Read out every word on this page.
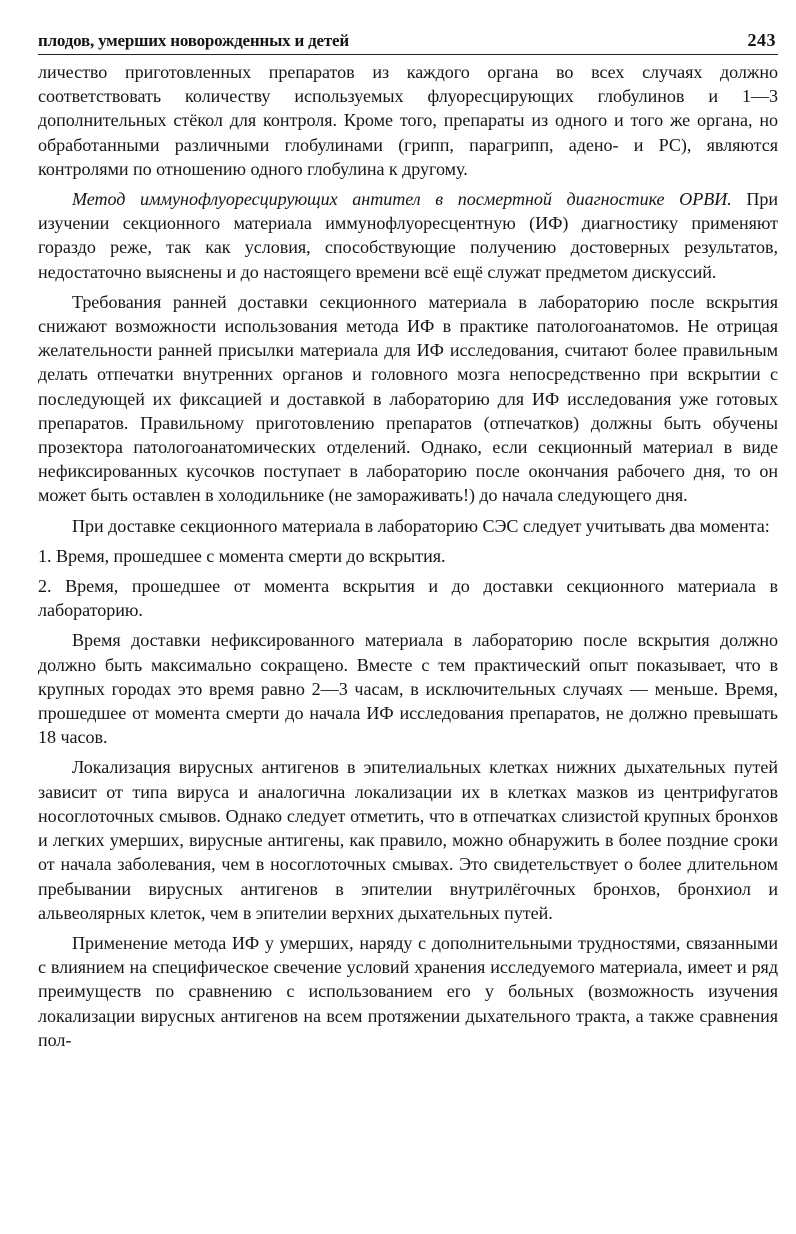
плодов, умерших новорожденных и детей	243

личество приготовленных препаратов из каждого органа во всех случаях должно соответствовать количеству используемых флуоресцирующих глобулинов и 1—3 дополнительных стёкол для контроля. Кроме того, препараты из одного и того же органа, но обработанными различными глобулинами (грипп, парагрипп, адено- и РС), являются контролями по отношению одного глобулина к другому.

Метод иммунофлуоресцирующих антител в посмертной диагностике ОРВИ. При изучении секционного материала иммунофлуоресцентную (ИФ) диагностику применяют гораздо реже, так как условия, способствующие получению достоверных результатов, недостаточно выяснены и до настоящего времени всё ещё служат предметом дискуссий.

Требования ранней доставки секционного материала в лабораторию после вскрытия снижают возможности использования метода ИФ в практике патологоанатомов. Не отрицая желательности ранней присылки материала для ИФ исследования, считают более правильным делать отпечатки внутренних органов и головного мозга непосредственно при вскрытии с последующей их фиксацией и доставкой в лабораторию для ИФ исследования уже готовых препаратов. Правильному приготовлению препаратов (отпечатков) должны быть обучены прозектора патологоанатомических отделений. Однако, если секционный материал в виде нефиксированных кусочков поступает в лабораторию после окончания рабочего дня, то он может быть оставлен в холодильнике (не замораживать!) до начала следующего дня.

При доставке секционного материала в лабораторию СЭС следует учитывать два момента:

1. Время, прошедшее с момента смерти до вскрытия.

2. Время, прошедшее от момента вскрытия и до доставки секционного материала в лабораторию.

Время доставки нефиксированного материала в лабораторию после вскрытия должно должно быть максимально сокращено. Вместе с тем практический опыт показывает, что в крупных городах это время равно 2—3 часам, в исключительных случаях — меньше. Время, прошедшее от момента смерти до начала ИФ исследования препаратов, не должно превышать 18 часов.

Локализация вирусных антигенов в эпителиальных клетках нижних дыхательных путей зависит от типа вируса и аналогична локализации их в клетках мазков из центрифугатов носоглоточных смывов. Однако следует отметить, что в отпечатках слизистой крупных бронхов и легких умерших, вирусные антигены, как правило, можно обнаружить в более поздние сроки от начала заболевания, чем в носоглоточных смывах. Это свидетельствует о более длительном пребывании вирусных антигенов в эпителии внутрилёгочных бронхов, бронхиол и альвеолярных клеток, чем в эпителии верхних дыхательных путей.

Применение метода ИФ у умерших, наряду с дополнительными трудностями, связанными с влиянием на специфическое свечение условий хранения исследуемого материала, имеет и ряд преимуществ по сравнению с использованием его у больных (возможность изучения локализации вирусных антигенов на всем протяжении дыхательного тракта, а также сравнения пол-
